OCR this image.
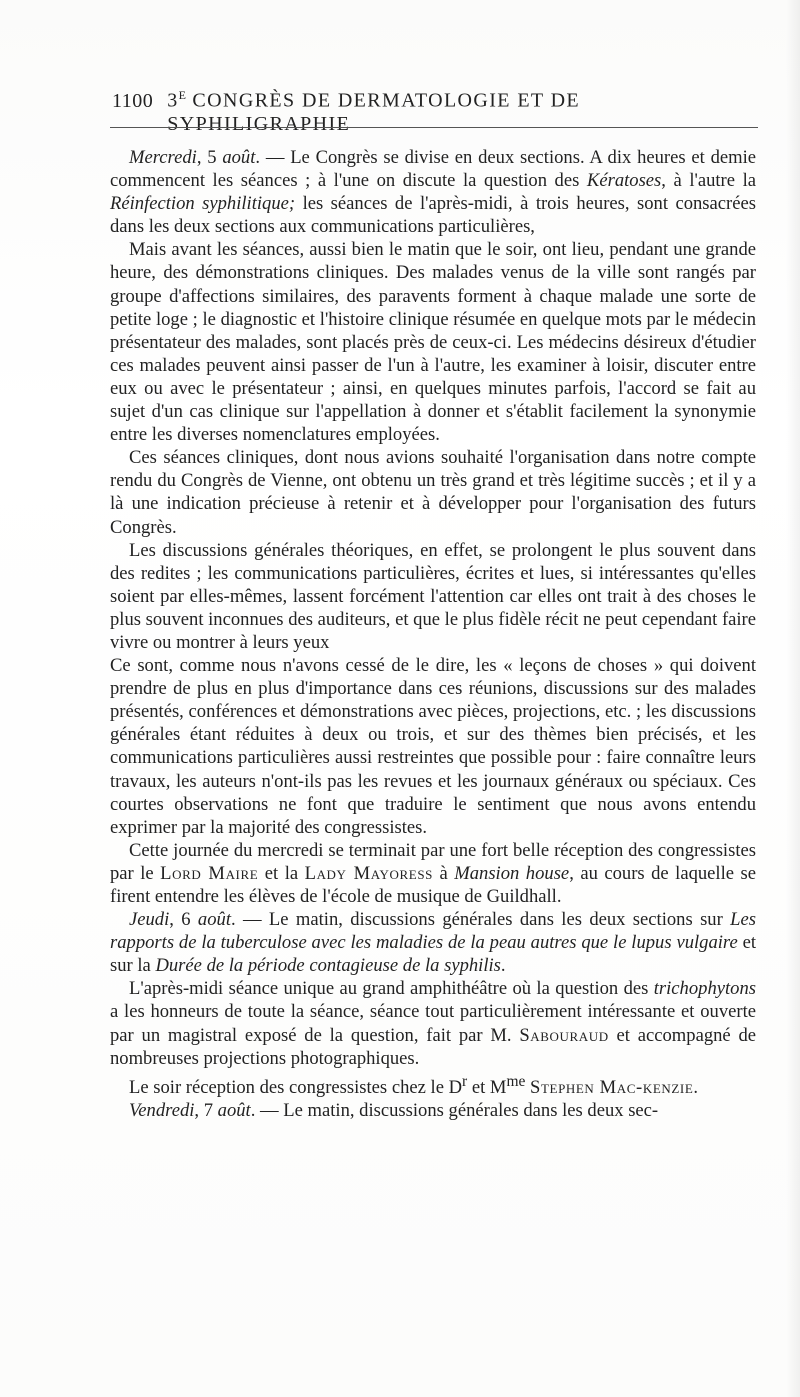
1100 $3^E$ CONGRÈS DE DERMATOLOGIE ET DE SYPHILIGRAPHIE

Mercredi, 5 août. — Le Congrès se divise en deux sections. A dix heures et demie commencent les séances ; à l'une on discute la question des Kératoses, à l'autre la Réinfection syphilitique; les séances de l'après-midi, à trois heures, sont consacrées dans les deux sections aux communications particulières,

Mais avant les séances, aussi bien le matin que le soir, ont lieu, pendant une grande heure, des démonstrations cliniques. Des malades venus de la ville sont rangés par groupe d'affections similaires, des paravents forment à chaque malade une sorte de petite loge ; le diagnostic et l'histoire clinique résumée en quelque mots par le médecin présentateur des malades, sont placés près de ceux-ci. Les médecins désireux d'étudier ces malades peuvent ainsi passer de l'un à l'autre, les examiner à loisir, discuter entre eux ou avec le présentateur ; ainsi, en quelques minutes parfois, l'accord se fait au sujet d'un cas clinique sur l'appellation à donner et s'établit facilement la synonymie entre les diverses nomenclatures employées.

Ces séances cliniques, dont nous avions souhaité l'organisation dans notre compte rendu du Congrès de Vienne, ont obtenu un très grand et très légitime succès ; et il y a là une indication précieuse à retenir et à développer pour l'organisation des futurs Congrès.

Les discussions générales théoriques, en effet, se prolongent le plus souvent dans des redites ; les communications particulières, écrites et lues, si intéressantes qu'elles soient par elles-mêmes, lassent forcément l'attention car elles ont trait à des choses le plus souvent inconnues des auditeurs, et que le plus fidèle récit ne peut cependant faire vivre ou montrer à leurs yeux

Ce sont, comme nous n'avons cessé de le dire, les « leçons de choses » qui doivent prendre de plus en plus d'importance dans ces réunions, discussions sur des malades présentés, conférences et démonstrations avec pièces, projections, etc. ; les discussions générales étant réduites à deux ou trois, et sur des thèmes bien précisés, et les communications particulières aussi restreintes que possible pour : faire connaître leurs travaux, les auteurs n'ont-ils pas les revues et les journaux généraux ou spéciaux. Ces courtes observations ne font que traduire le sentiment que nous avons entendu exprimer par la majorité des congressistes.

Cette journée du mercredi se terminait par une fort belle réception des congressistes par le Lord Maire et la Lady Mayoress à Mansion house, au cours de laquelle se firent entendre les élèves de l'école de musique de Guildhall.

Jeudi, 6 août. — Le matin, discussions générales dans les deux sections sur Les rapports de la tuberculose avec les maladies de la peau autres que le lupus vulgaire et sur la Durée de la période contagieuse de la syphilis.

L'après-midi séance unique au grand amphithéâtre où la question des trichophytons a les honneurs de toute la séance, séance tout particulièrement intéressante et ouverte par un magistral exposé de la question, fait par M. Sabouraud et accompagné de nombreuses projections photographiques.

Le soir réception des congressistes chez le $D^r$ et $M^{me}$ Stephen Mac-kenzie.

Vendredi, 7 août. — Le matin, discussions générales dans les deux sec-
